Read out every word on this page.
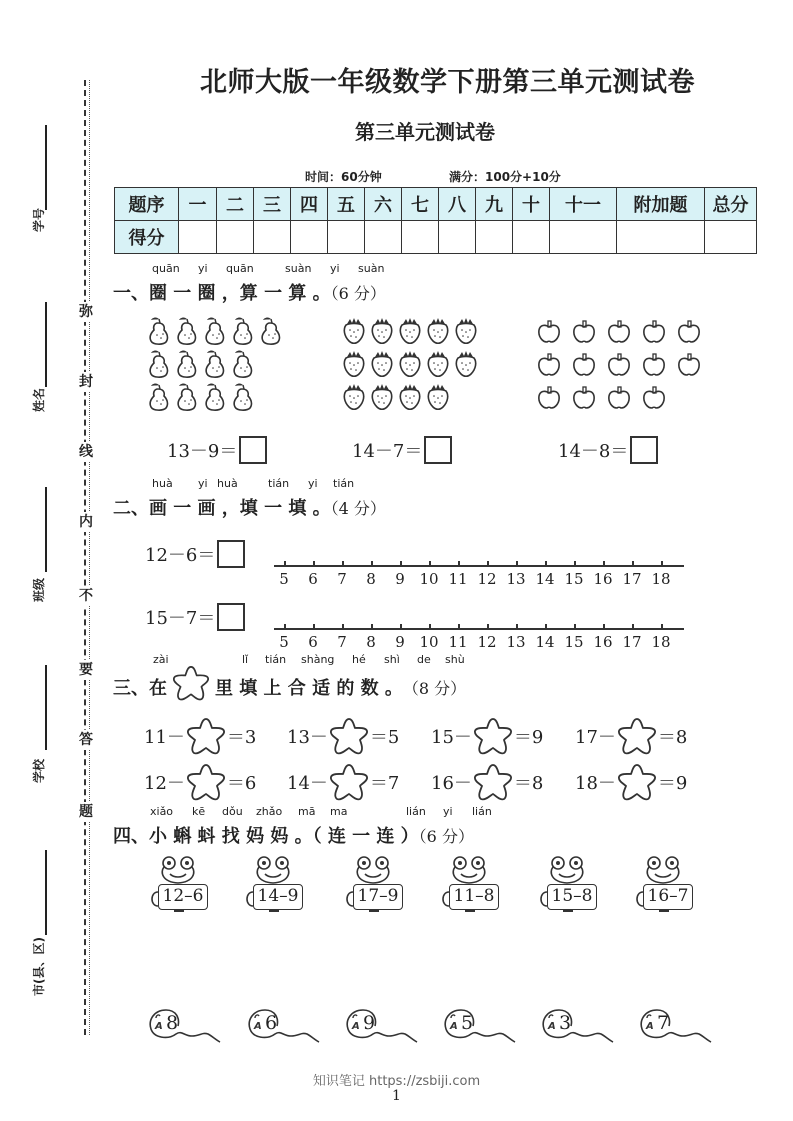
弥
封
线
内
不
要
答
题
学号
姓名
班级
学校
市(县、区)
北师大版一年级数学下册第三单元测试卷
第三单元测试卷
时间：60分钟	满分：100分+10分
题序	一	二	三	四	五	六	七	八	九	十	十一	附加题	总分
得分													
quān yi quān	suàn yi suàn
一、圈 一 圈 ，算 一 算 。（6 分）
13－9＝	14－7＝	14－8＝
huà yi huà	tián yi tián
二、画 一 画 ，填 一 填 。（4 分）
12－6＝
15－7＝
5	6	7	8	9 10 11 12 13 14 15 16 17 18
5	6	7	8	9 10 11 12 13 14 15 16 17 18
zài	lǐ tián shàng hé shì de shù
三、在	里 填 上 合 适 的 数 。 （8 分）
11－ ＝3 13－ ＝5 15－ ＝9 17－ ＝8
12－ ＝6 14－ ＝7 16－ ＝8 18－ ＝9
xiǎo kē dǒu zhǎo mā ma	lián yi lián
四、小 蝌 蚪 找 妈 妈 。（ 连 一 连 ）（6 分）
12–6	14–9	17–9	11–8	15–8	16–7
8	6	9	5	3	7
知识笔记 https://zsbiji.com
1
